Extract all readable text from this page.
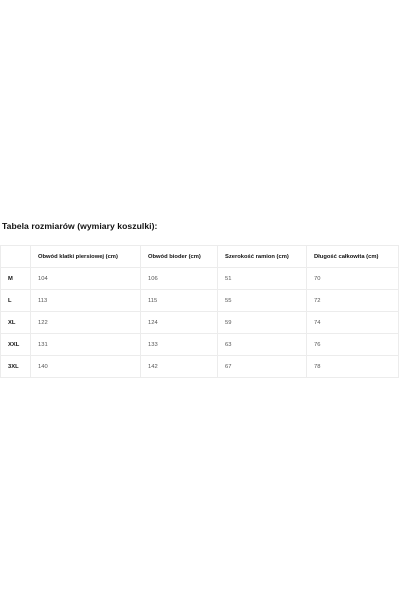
Tabela rozmiarów (wymiary koszulki):
	Obwód klatki piersiowej (cm)	Obwód bioder (cm)	Szerokość ramion (cm)	Długość całkowita (cm)
M	104	106	51	70
L	113	115	55	72
XL	122	124	59	74
XXL	131	133	63	76
3XL	140	142	67	78
